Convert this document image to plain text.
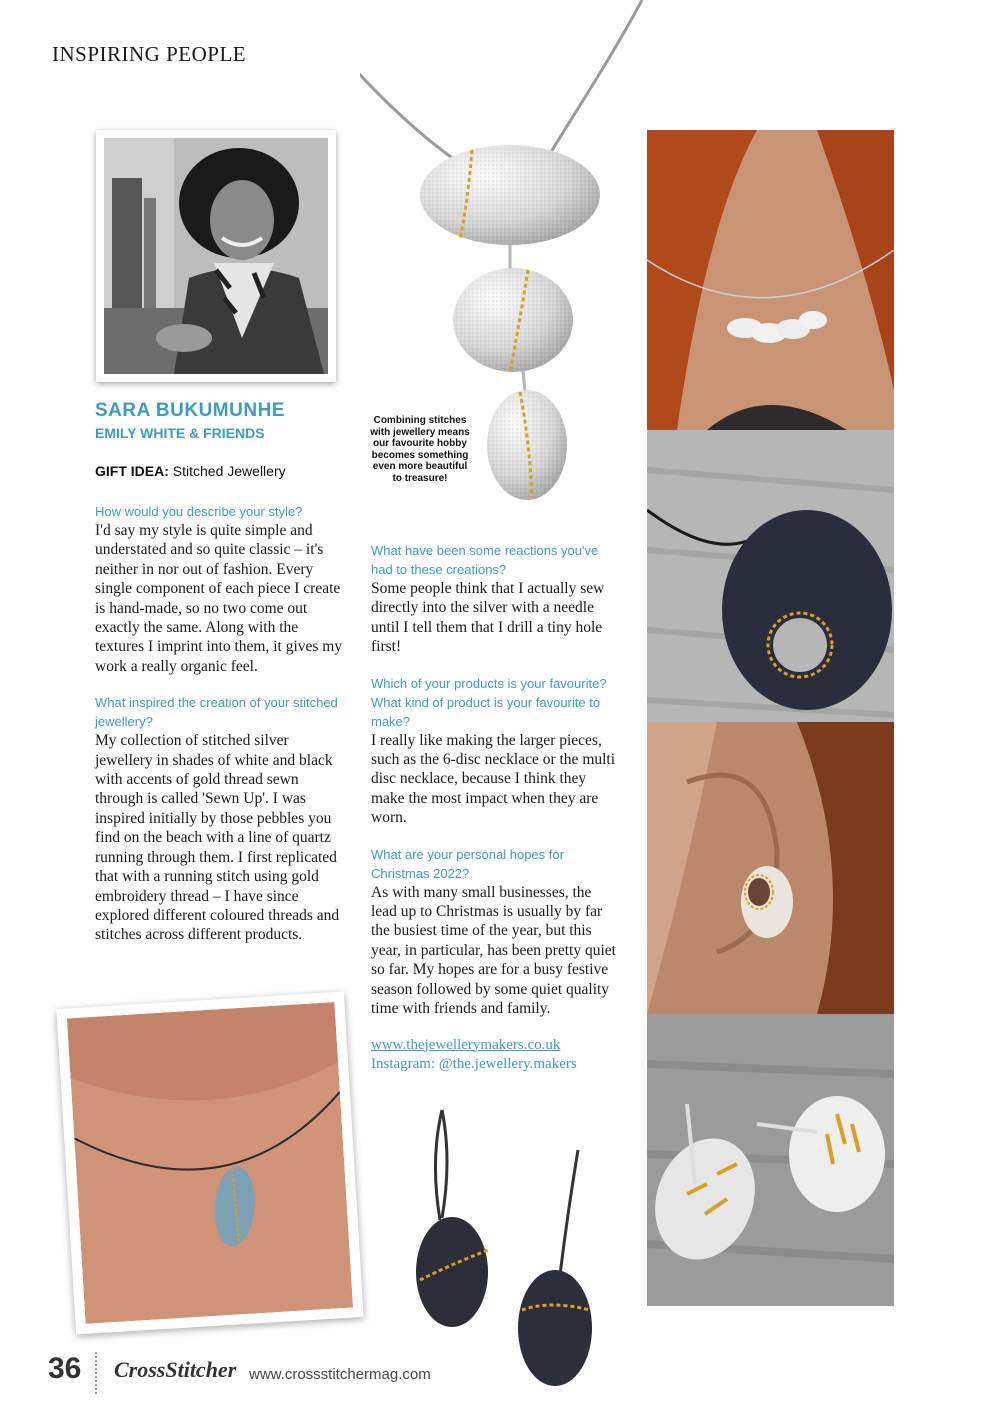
INSPIRING PEOPLE
SARA BUKUMUNHE
EMILY WHITE & FRIENDS
GIFT IDEA: Stitched Jewellery
Combining stitches with jewellery means our favourite hobby becomes something even more beautiful to treasure!
How would you describe your style?
I'd say my style is quite simple and understated and so quite classic – it's neither in nor out of fashion. Every single component of each piece I create is hand-made, so no two come out exactly the same. Along with the textures I imprint into them, it gives my work a really organic feel.
What inspired the creation of your stitched jewellery?
My collection of stitched silver jewellery in shades of white and black with accents of gold thread sewn through is called 'Sewn Up'. I was inspired initially by those pebbles you find on the beach with a line of quartz running through them. I first replicated that with a running stitch using gold embroidery thread – I have since explored different coloured threads and stitches across different products.
What have been some reactions you've had to these creations?
Some people think that I actually sew directly into the silver with a needle until I tell them that I drill a tiny hole first!
Which of your products is your favourite? What kind of product is your favourite to make?
I really like making the larger pieces, such as the 6-disc necklace or the multi disc necklace, because I think they make the most impact when they are worn.
What are your personal hopes for Christmas 2022?
As with many small businesses, the lead up to Christmas is usually by far the busiest time of the year, but this year, in particular, has been pretty quiet so far. My hopes are for a busy festive season followed by some quiet quality time with friends and family.
www.thejewellerymakers.co.uk
Instagram: @the.jewellery.makers
36 CrossStitcher www.crossstitchermag.com
